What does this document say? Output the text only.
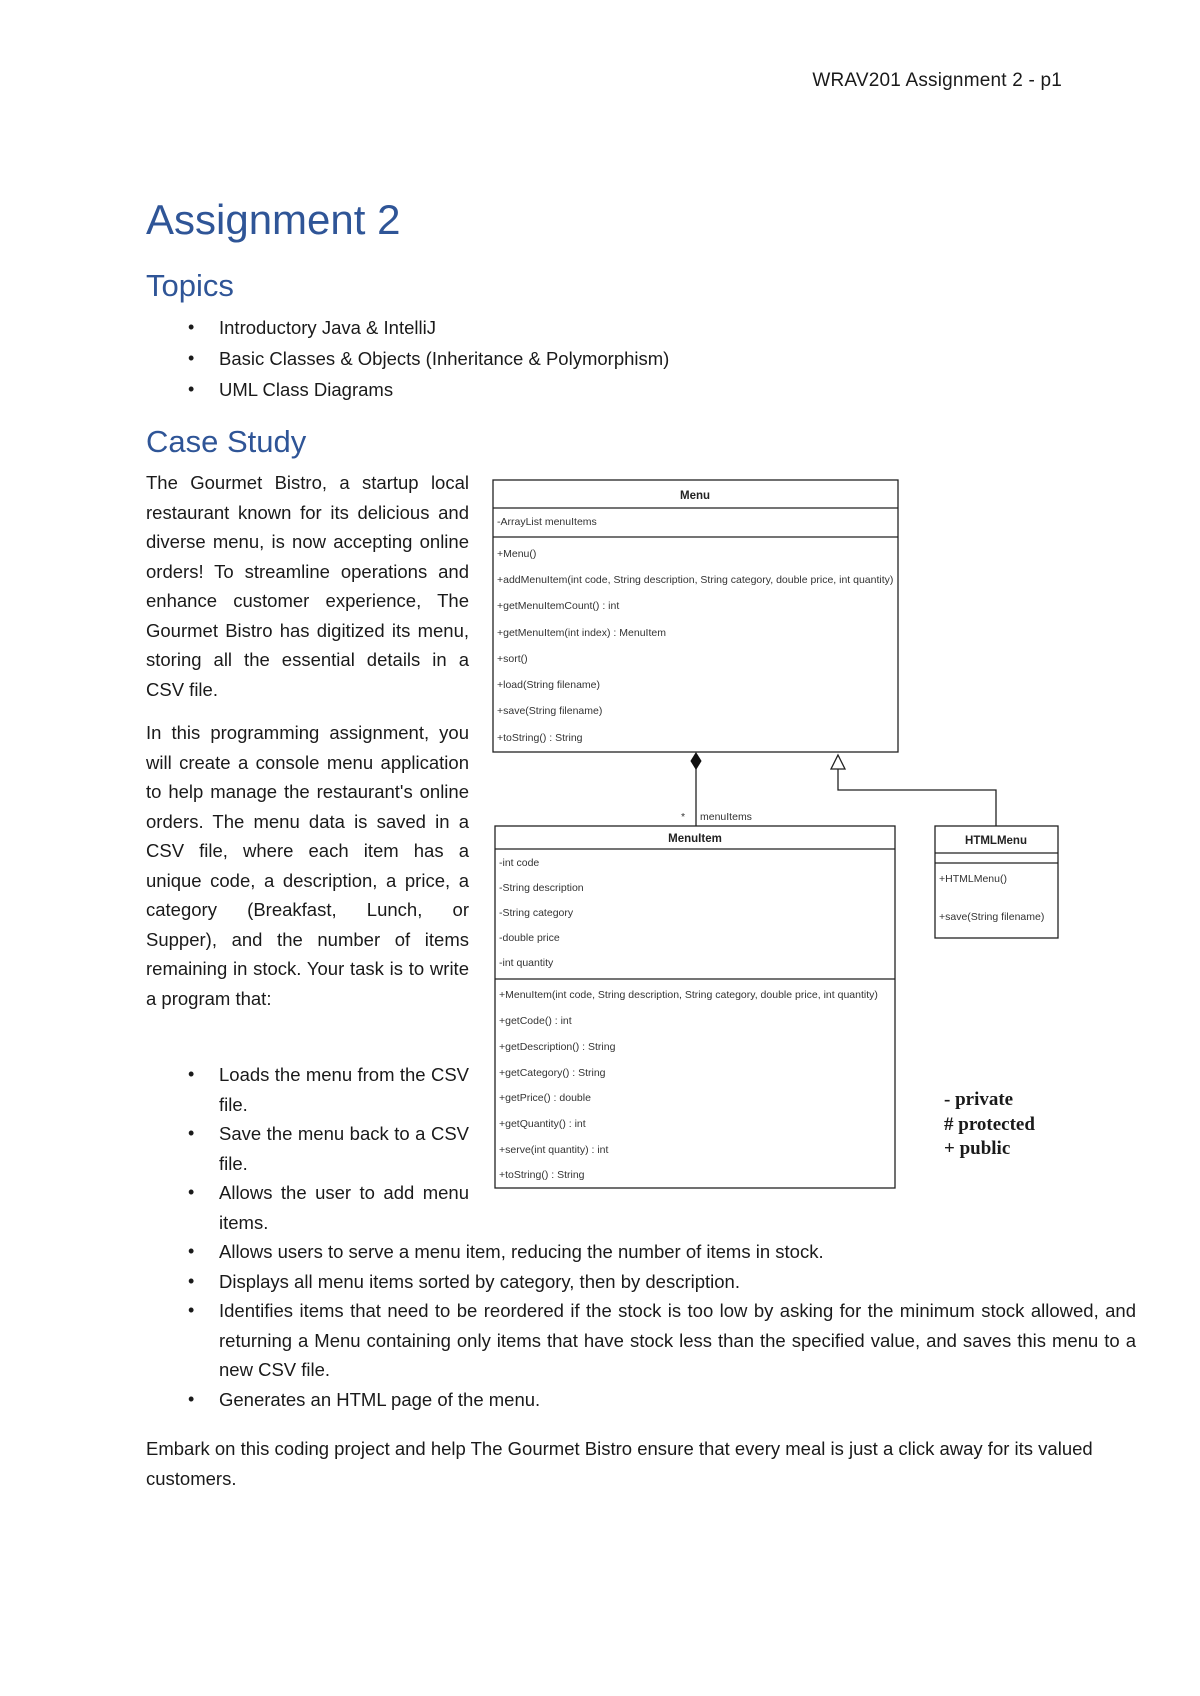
WRAV201 Assignment 2 - p1
Assignment 2
Topics
• Introductory Java & IntelliJ
• Basic Classes & Objects (Inheritance & Polymorphism)
• UML Class Diagrams
Case Study

The Gourmet Bistro, a startup local restaurant known for its delicious and diverse menu, is now accepting online orders! To streamline operations and enhance customer experience, The Gourmet Bistro has digitized its menu, storing all the essential details in a CSV file.

In this programming assignment, you will create a console menu application to help manage the restaurant's online orders. The menu data is saved in a CSV file, where each item has a unique code, a description, a price, a category (Breakfast, Lunch, or Supper), and the number of items remaining in stock. Your task is to write a program that:

• Loads the menu from the CSV file.
• Save the menu back to a CSV file.
• Allows the user to add menu items.
• Allows users to serve a menu item, reducing the number of items in stock.
• Displays all menu items sorted by category, then by description.
• Identifies items that need to be reordered if the stock is too low by asking for the minimum stock allowed, and returning a Menu containing only items that have stock less than the specified value, and saves this menu to a new CSV file.
• Generates an HTML page of the menu.

Embark on this coding project and help The Gourmet Bistro ensure that every meal is just a click away for its valued customers.

Menu
-ArrayList menuItems
+Menu()
+addMenuItem(int code, String description, String category, double price, int quantity)
+getMenuItemCount() : int
+getMenuItem(int index) : MenuItem
+sort()
+load(String filename)
+save(String filename)
+toString() : String
* menuItems
MenuItem
-int code
-String description
-String category
-double price
-int quantity
+MenuItem(int code, String description, String category, double price, int quantity)
+getCode() : int
+getDescription() : String
+getCategory() : String
+getPrice() : double
+getQuantity() : int
+serve(int quantity) : int
+toString() : String
HTMLMenu
+HTMLMenu()
+save(String filename)
- private
# protected
+ public
